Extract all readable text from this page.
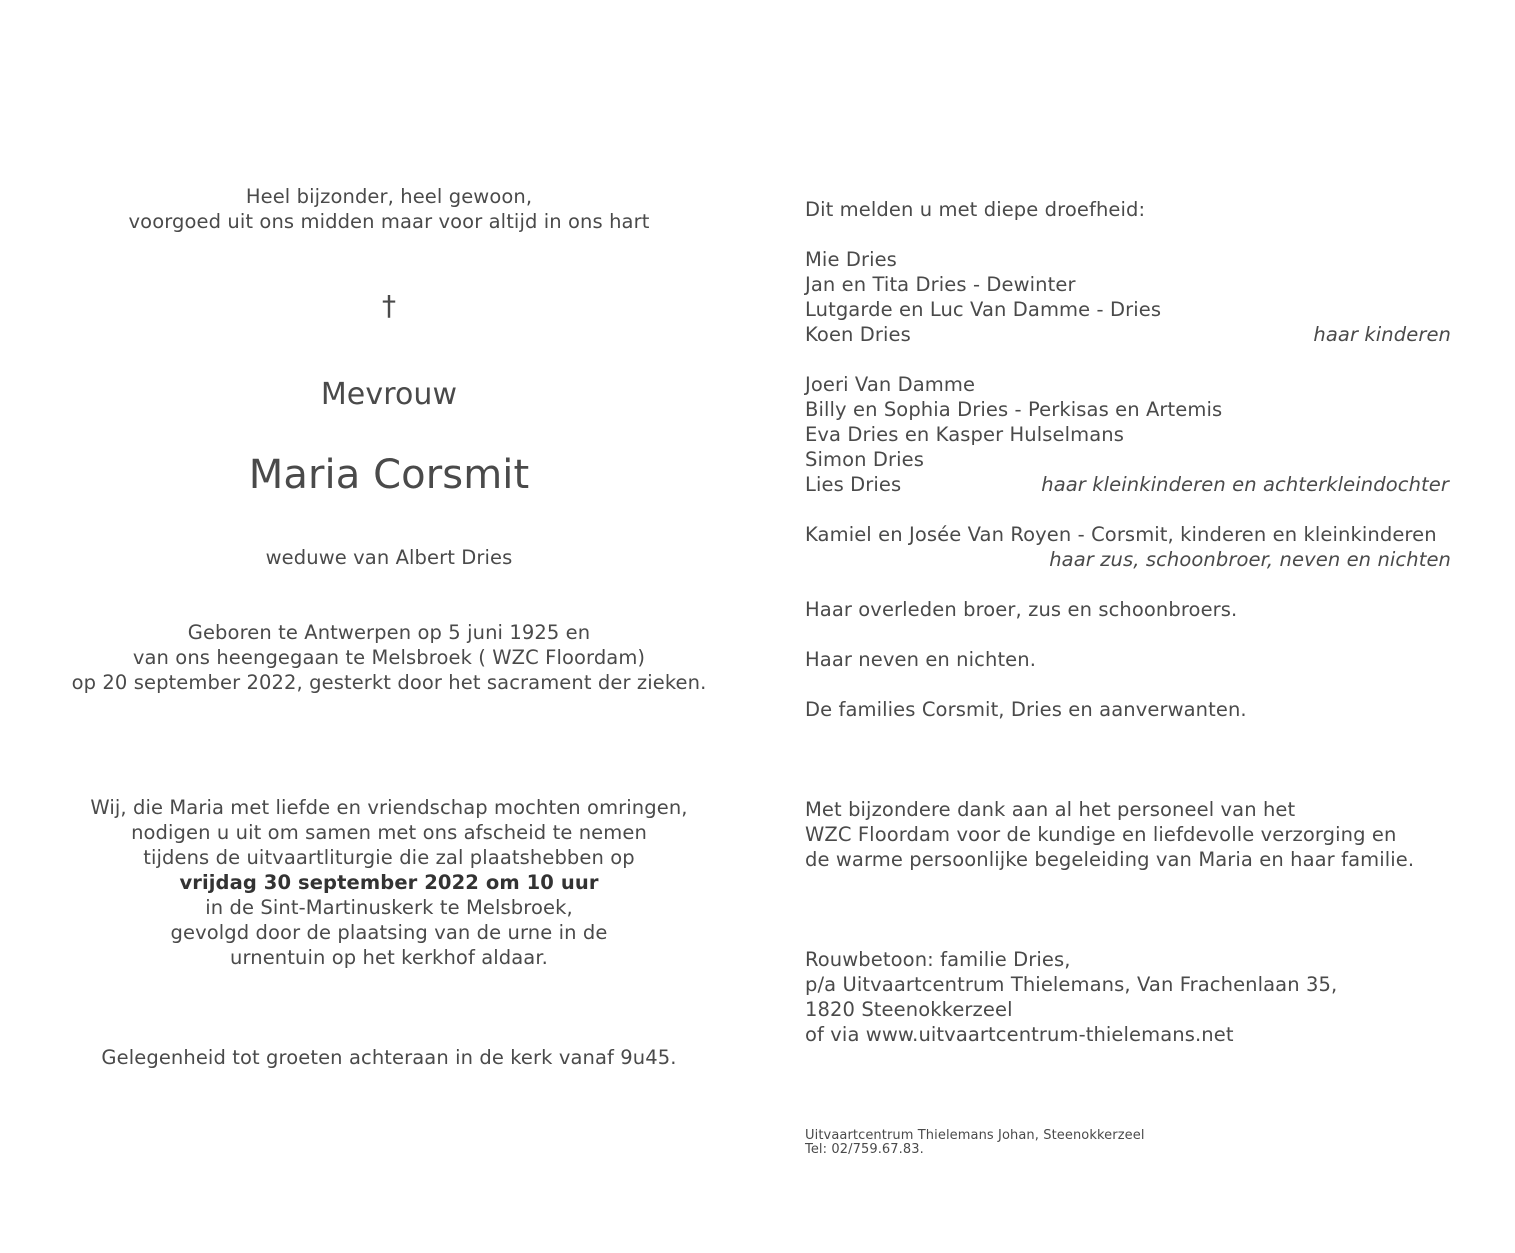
Heel bijzonder, heel gewoon,
voorgoed uit ons midden maar voor altijd in ons hart
†
Mevrouw
Maria Corsmit
weduwe van Albert Dries
Geboren te Antwerpen op 5 juni 1925 en
van ons heengegaan te Melsbroek ( WZC Floordam)
op 20 september 2022, gesterkt door het sacrament der zieken.
Wij, die Maria met liefde en vriendschap mochten omringen,
nodigen u uit om samen met ons afscheid te nemen
tijdens de uitvaartliturgie die zal plaatshebben op
vrijdag 30 september 2022 om 10 uur
in de Sint-Martinuskerk te Melsbroek,
gevolgd door de plaatsing van de urne in de
urnentuin op het kerkhof aldaar.
Gelegenheid tot groeten achteraan in de kerk vanaf 9u45.
Dit melden u met diepe droefheid:
Mie Dries
Jan en Tita Dries - Dewinter
Lutgarde en Luc Van Damme - Dries
Koen Dries	haar kinderen
Joeri Van Damme
Billy en Sophia Dries - Perkisas en Artemis
Eva Dries en Kasper Hulselmans
Simon Dries
Lies Dries	haar kleinkinderen en achterkleindochter
Kamiel en Josée Van Royen - Corsmit, kinderen en kleinkinderen
haar zus, schoonbroer, neven en nichten
Haar overleden broer, zus en schoonbroers.
Haar neven en nichten.
De families Corsmit, Dries en aanverwanten.
Met bijzondere dank aan al het personeel van het
WZC Floordam voor de kundige en liefdevolle verzorging en
de warme persoonlijke begeleiding van Maria en haar familie.
Rouwbetoon: familie Dries,
p/a Uitvaartcentrum Thielemans, Van Frachenlaan 35,
1820 Steenokkerzeel
of via www.uitvaartcentrum-thielemans.net
Uitvaartcentrum Thielemans Johan, Steenokkerzeel
Tel: 02/759.67.83.
